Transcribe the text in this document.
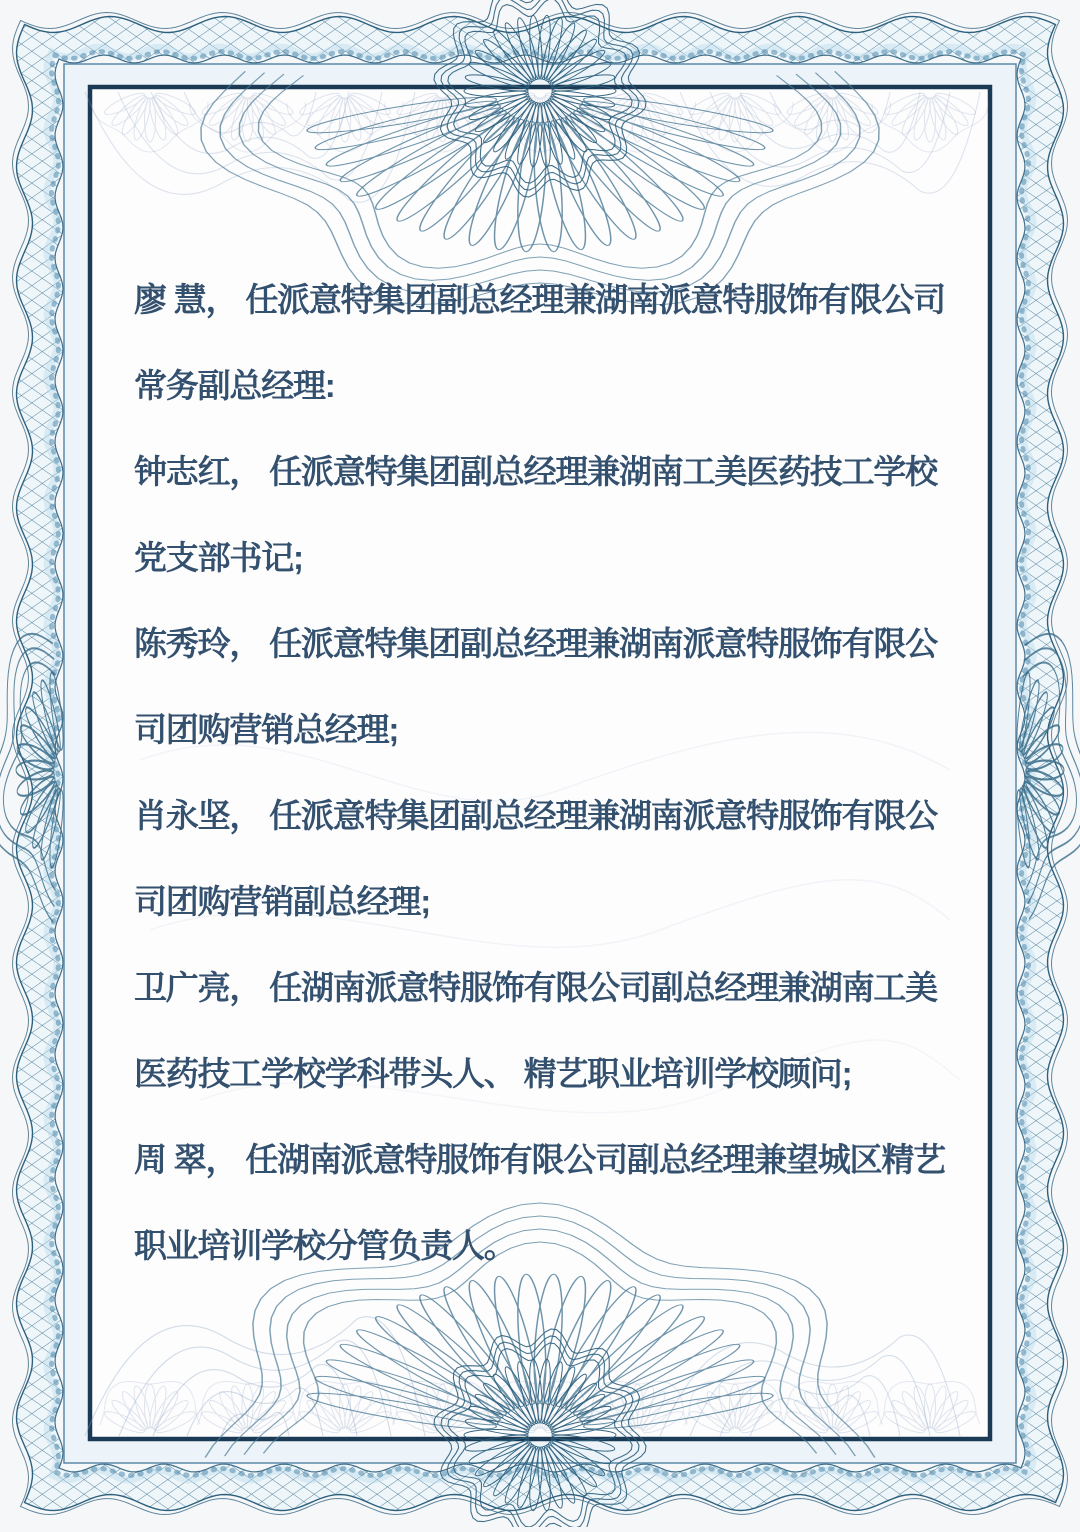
廖 慧， 任派意特集团副总经理兼湖南派意特服饰有限公司
常务副总经理:
钟志红， 任派意特集团副总经理兼湖南工美医药技工学校
党支部书记;
陈秀玲， 任派意特集团副总经理兼湖南派意特服饰有限公
司团购营销总经理;
肖永坚， 任派意特集团副总经理兼湖南派意特服饰有限公
司团购营销副总经理;
卫广亮， 任湖南派意特服饰有限公司副总经理兼湖南工美
医药技工学校学科带头人、 精艺职业培训学校顾问;
周 翠， 任湖南派意特服饰有限公司副总经理兼望城区精艺
职业培训学校分管负责人。
